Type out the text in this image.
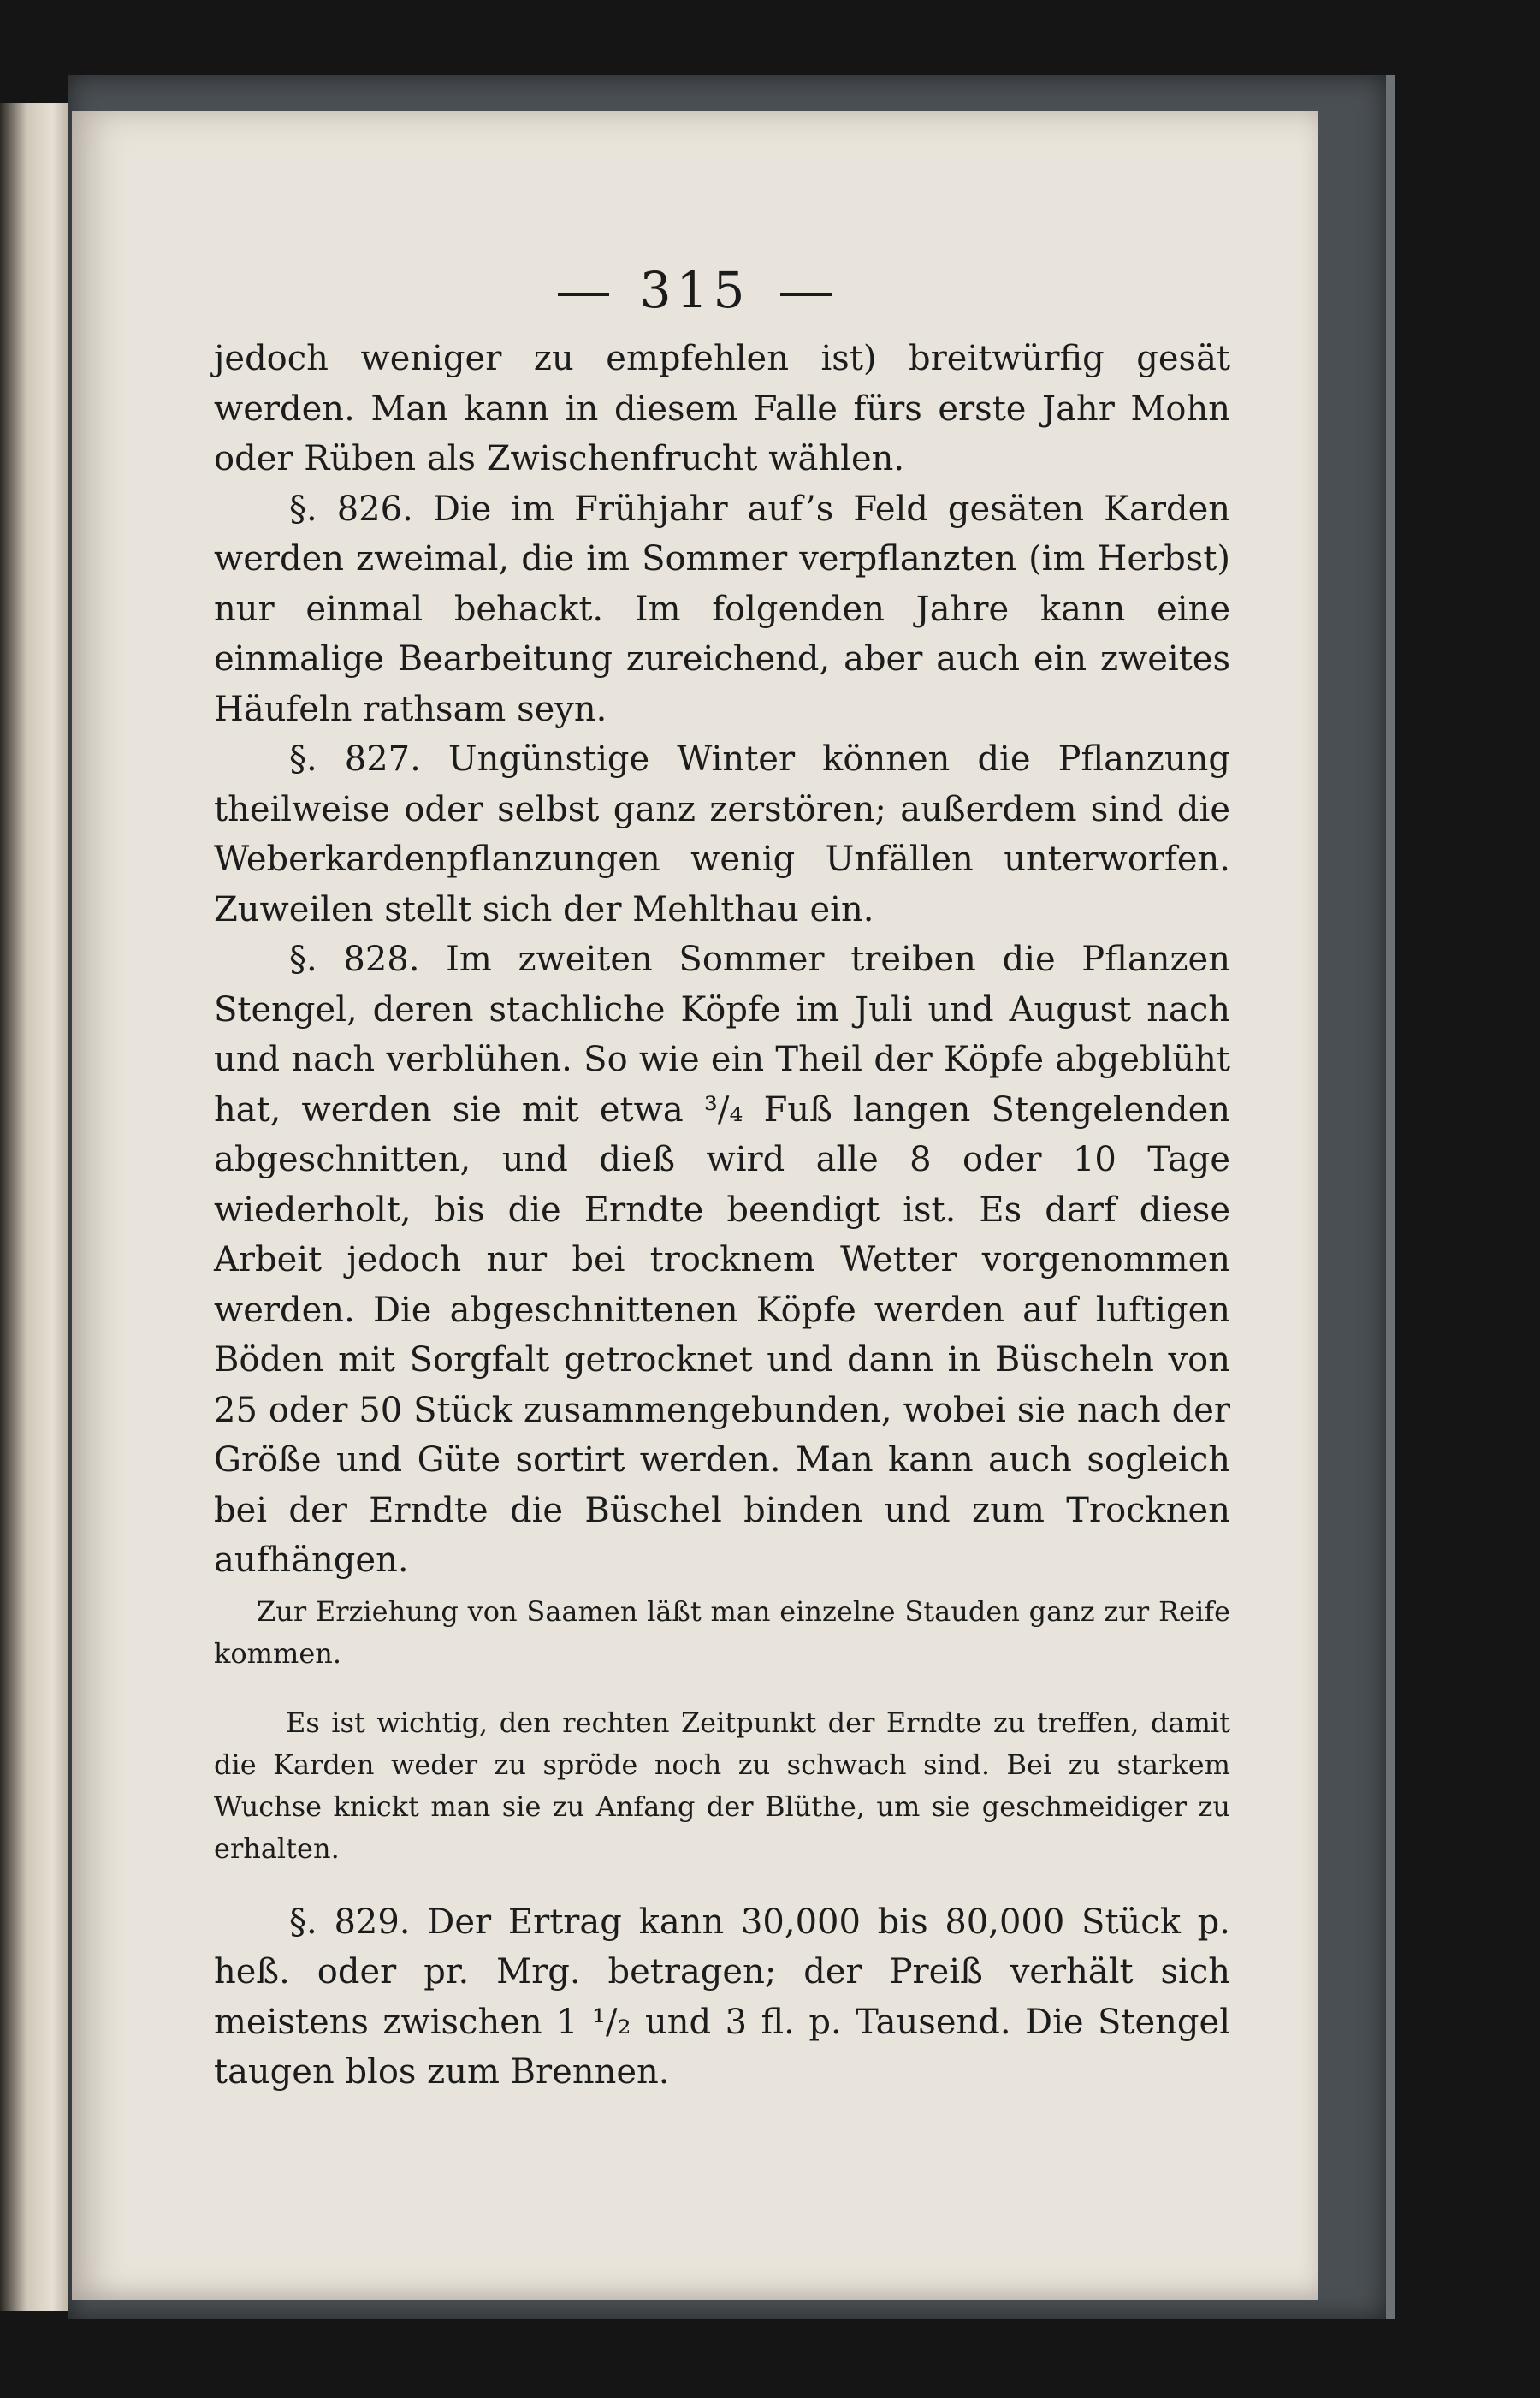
315

jedoch weniger zu empfehlen ist) breitwürfig gesät werden. Man kann in diesem Falle fürs erste Jahr Mohn oder Rüben als Zwischenfrucht wählen.

§. 826. Die im Frühjahr auf’s Feld gesäten Karden werden zweimal, die im Sommer verpflanzten (im Herbst) nur einmal behackt. Im folgenden Jahre kann eine einmalige Bearbeitung zureichend, aber auch ein zweites Häufeln rathsam seyn.

§. 827. Ungünstige Winter können die Pflanzung theilweise oder selbst ganz zerstören; außerdem sind die Weberkardenpflanzungen wenig Unfällen unterworfen. Zuweilen stellt sich der Mehlthau ein.

§. 828. Im zweiten Sommer treiben die Pflanzen Stengel, deren stachliche Köpfe im Juli und August nach und nach verblühen. So wie ein Theil der Köpfe abgeblüht hat, werden sie mit etwa ³/₄ Fuß langen Stengelenden abgeschnitten, und dieß wird alle 8 oder 10 Tage wiederholt, bis die Erndte beendigt ist. Es darf diese Arbeit jedoch nur bei trocknem Wetter vorgenommen werden. Die abgeschnittenen Köpfe werden auf luftigen Böden mit Sorgfalt getrocknet und dann in Büscheln von 25 oder 50 Stück zusammengebunden, wobei sie nach der Größe und Güte sortirt werden. Man kann auch sogleich bei der Erndte die Büschel binden und zum Trocknen aufhängen.

Zur Erziehung von Saamen läßt man einzelne Stauden ganz zur Reife kommen.

Es ist wichtig, den rechten Zeitpunkt der Erndte zu treffen, damit die Karden weder zu spröde noch zu schwach sind. Bei zu starkem Wuchse knickt man sie zu Anfang der Blüthe, um sie geschmeidiger zu erhalten.

§. 829. Der Ertrag kann 30,000 bis 80,000 Stück p. heß. oder pr. Mrg. betragen; der Preiß verhält sich meistens zwischen 1 ¹/₂ und 3 fl. p. Tausend. Die Stengel taugen blos zum Brennen.
